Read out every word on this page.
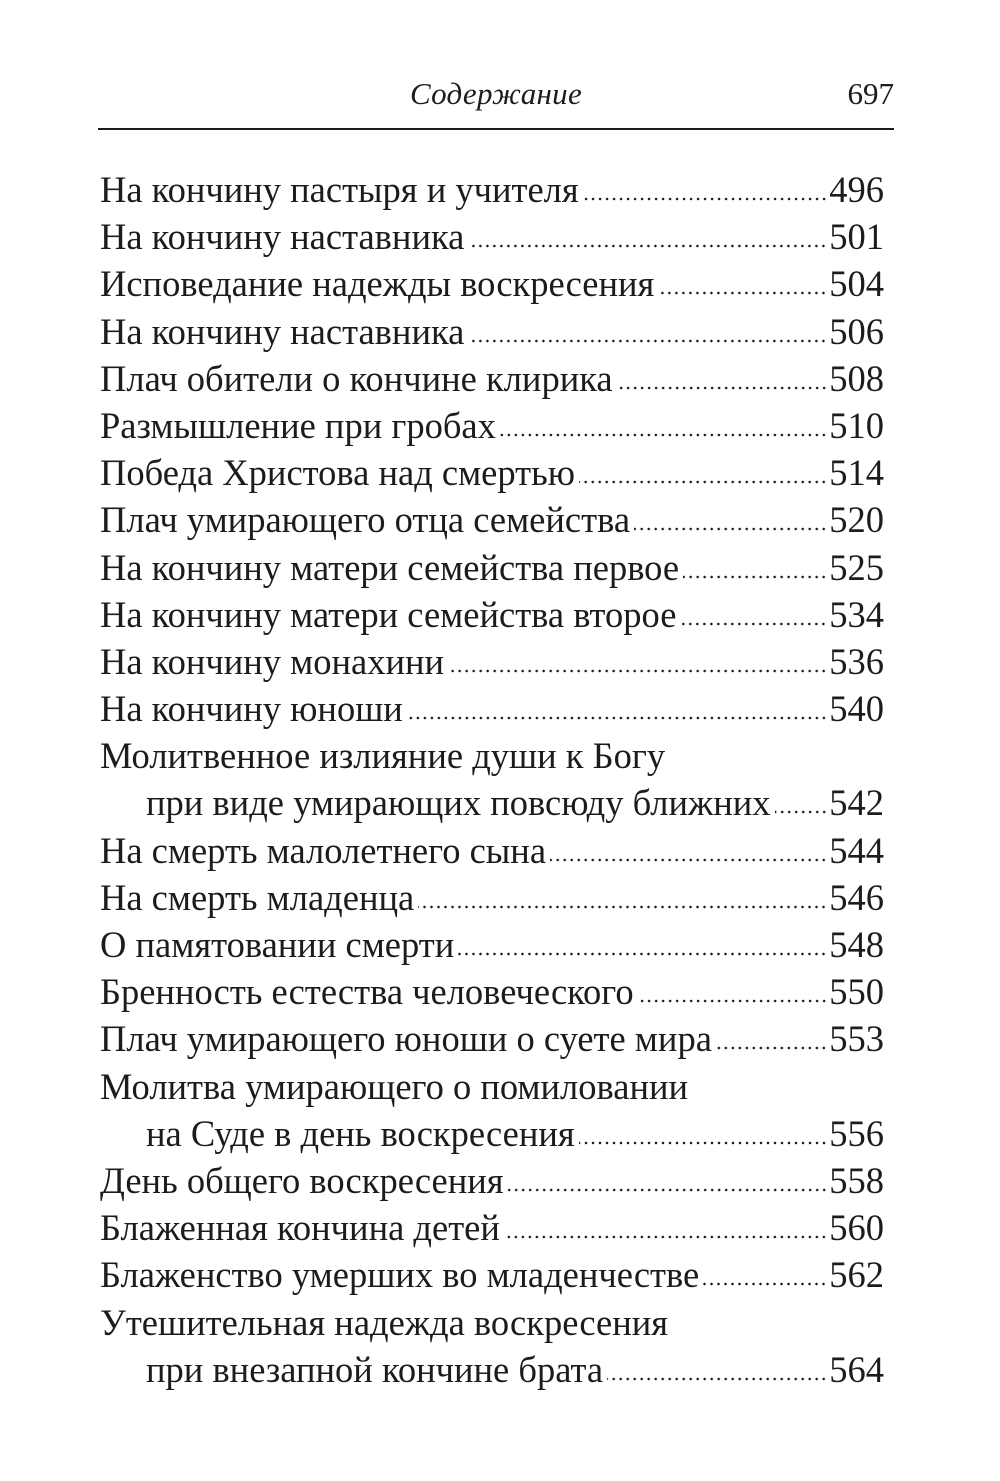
Содержание	697
На кончину пастыря и учителя	496
На кончину наставника	501
Исповедание надежды воскресения	504
На кончину наставника	506
Плач обители о кончине клирика	508
Размышление при гробах	510
Победа Христова над смертью	514
Плач умирающего отца семейства	520
На кончину матери семейства первое	525
На кончину матери семейства второе	534
На кончину монахини	536
На кончину юноши	540
Молитвенное излияние души к Богу
при виде умирающих повсюду ближних 542
На смерть малолетнего сына	544
На смерть младенца	546
О памятовании смерти	548
Бренность естества человеческого	550
Плач умирающего юноши о суете мира	553
Молитва умирающего о помиловании
на Суде в день воскресения	556
День общего воскресения	558
Блаженная кончина детей	560
Блаженство умерших во младенчестве	562
Утешительная надежда воскресения
при внезапной кончине брата	564
